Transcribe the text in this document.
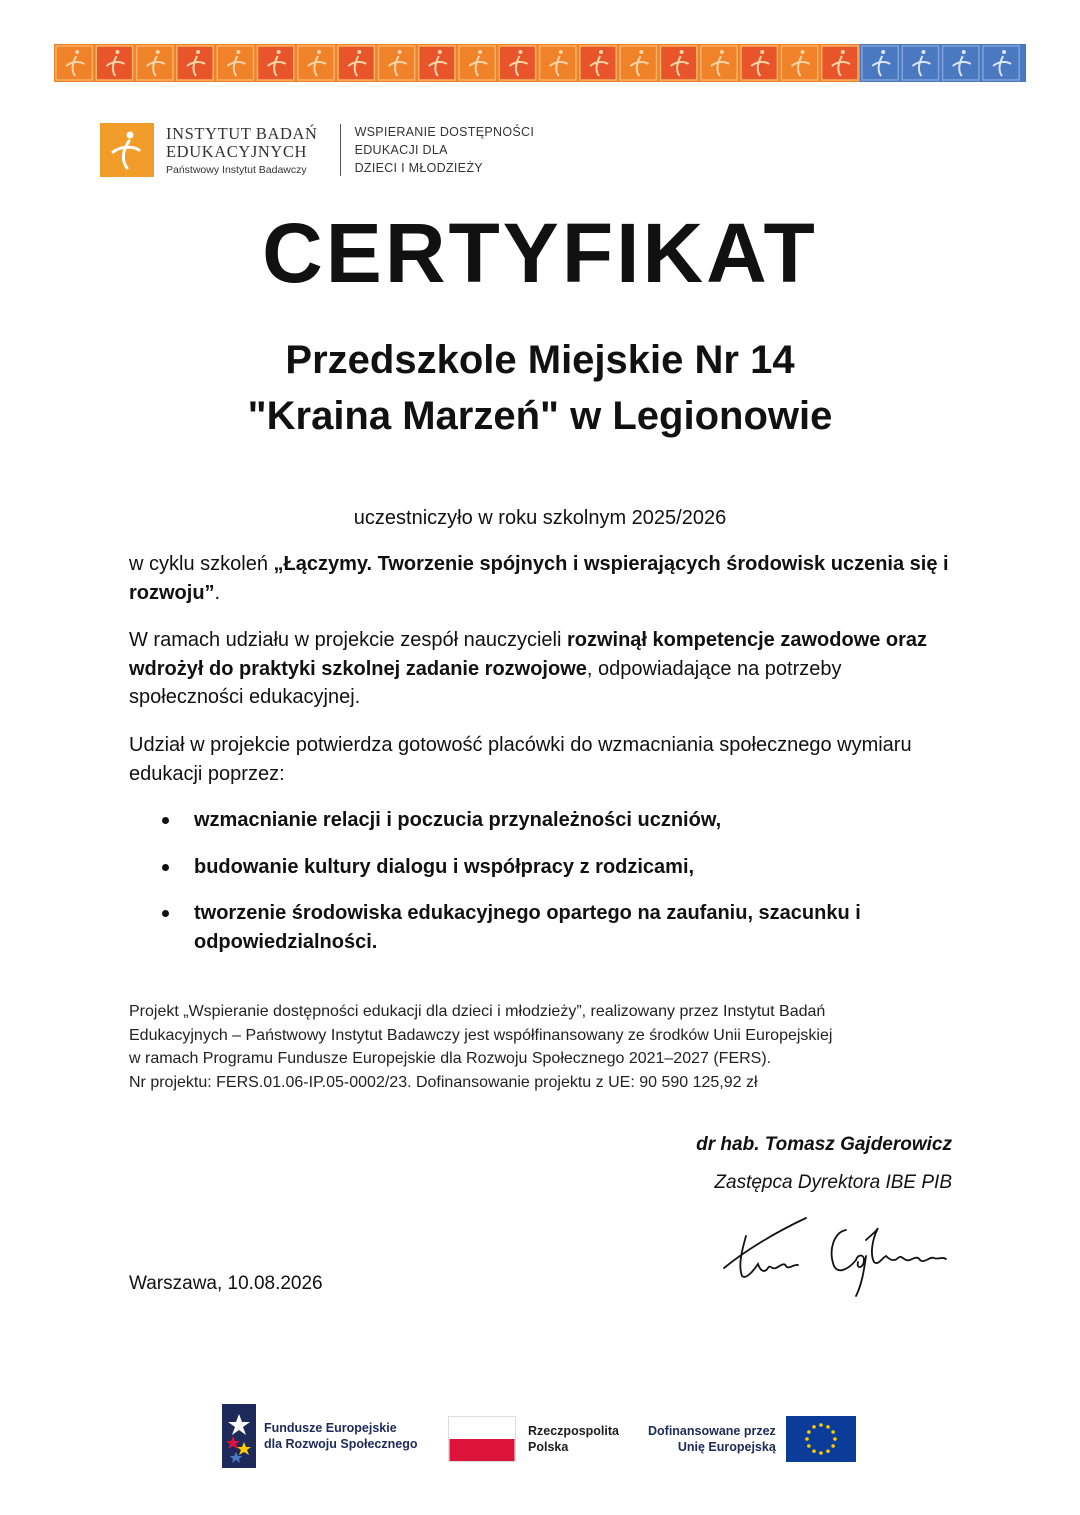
INSTYTUT BADAŃ
EDUKACYJNYCH
Państwowy Instytut Badawczy
WSPIERANIE DOSTĘPNOŚCI
EDUKACJI DLA
DZIECI I MŁODZIEŻY
CERTYFIKAT
Przedszkole Miejskie Nr 14
"Kraina Marzeń" w Legionowie
uczestniczyło w roku szkolnym 2025/2026
w cyklu szkoleń „Łączymy. Tworzenie spójnych i wspierających środowisk uczenia się i rozwoju”.
W ramach udziału w projekcie zespół nauczycieli rozwinął kompetencje zawodowe oraz wdrożył do praktyki szkolnej zadanie rozwojowe, odpowiadające na potrzeby społeczności edukacyjnej.
Udział w projekcie potwierdza gotowość placówki do wzmacniania społecznego wymiaru edukacji poprzez:
wzmacnianie relacji i poczucia przynależności uczniów,
budowanie kultury dialogu i współpracy z rodzicami,
tworzenie środowiska edukacyjnego opartego na zaufaniu, szacunku i odpowiedzialności.
Projekt „Wspieranie dostępności edukacji dla dzieci i młodzieży”, realizowany przez Instytut Badań
Edukacyjnych – Państwowy Instytut Badawczy jest współfinansowany ze środków Unii Europejskiej
w ramach Programu Fundusze Europejskie dla Rozwoju Społecznego 2021–2027 (FERS).
Nr projektu: FERS.01.06-IP.05-0002/23. Dofinansowanie projektu z UE: 90 590 125,92 zł
dr hab. Tomasz Gajderowicz
Zastępca Dyrektora IBE PIB
Warszawa, 10.08.2026
Fundusze Europejskie
dla Rozwoju Społecznego
Rzeczpospolita
Polska
Dofinansowane przez
Unię Europejską
